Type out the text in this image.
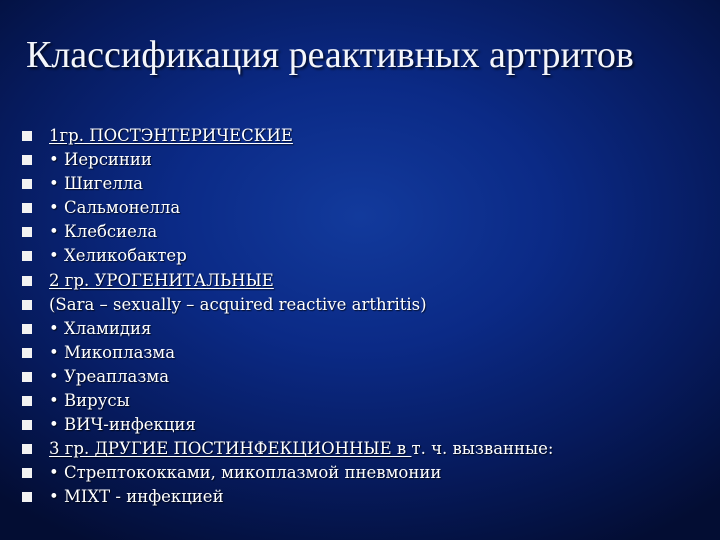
Классификация реактивных артритов
1гр. ПОСТЭНТЕРИЧЕСКИЕ
• Иерсинии
• Шигелла
• Сальмонелла
• Клебсиела
• Хеликобактер
2 гр. УРОГЕНИТАЛЬНЫЕ
(Sara – sexually – acquired reactive arthritis)
• Хламидия
• Микоплазма
• Уреаплазма
• Вирусы
• ВИЧ-инфекция
3 гр. ДРУГИЕ ПОСТИНФЕКЦИОННЫЕ в т. ч. вызванные:
• Стрептококками, микоплазмой пневмонии
• MIXT - инфекцией
